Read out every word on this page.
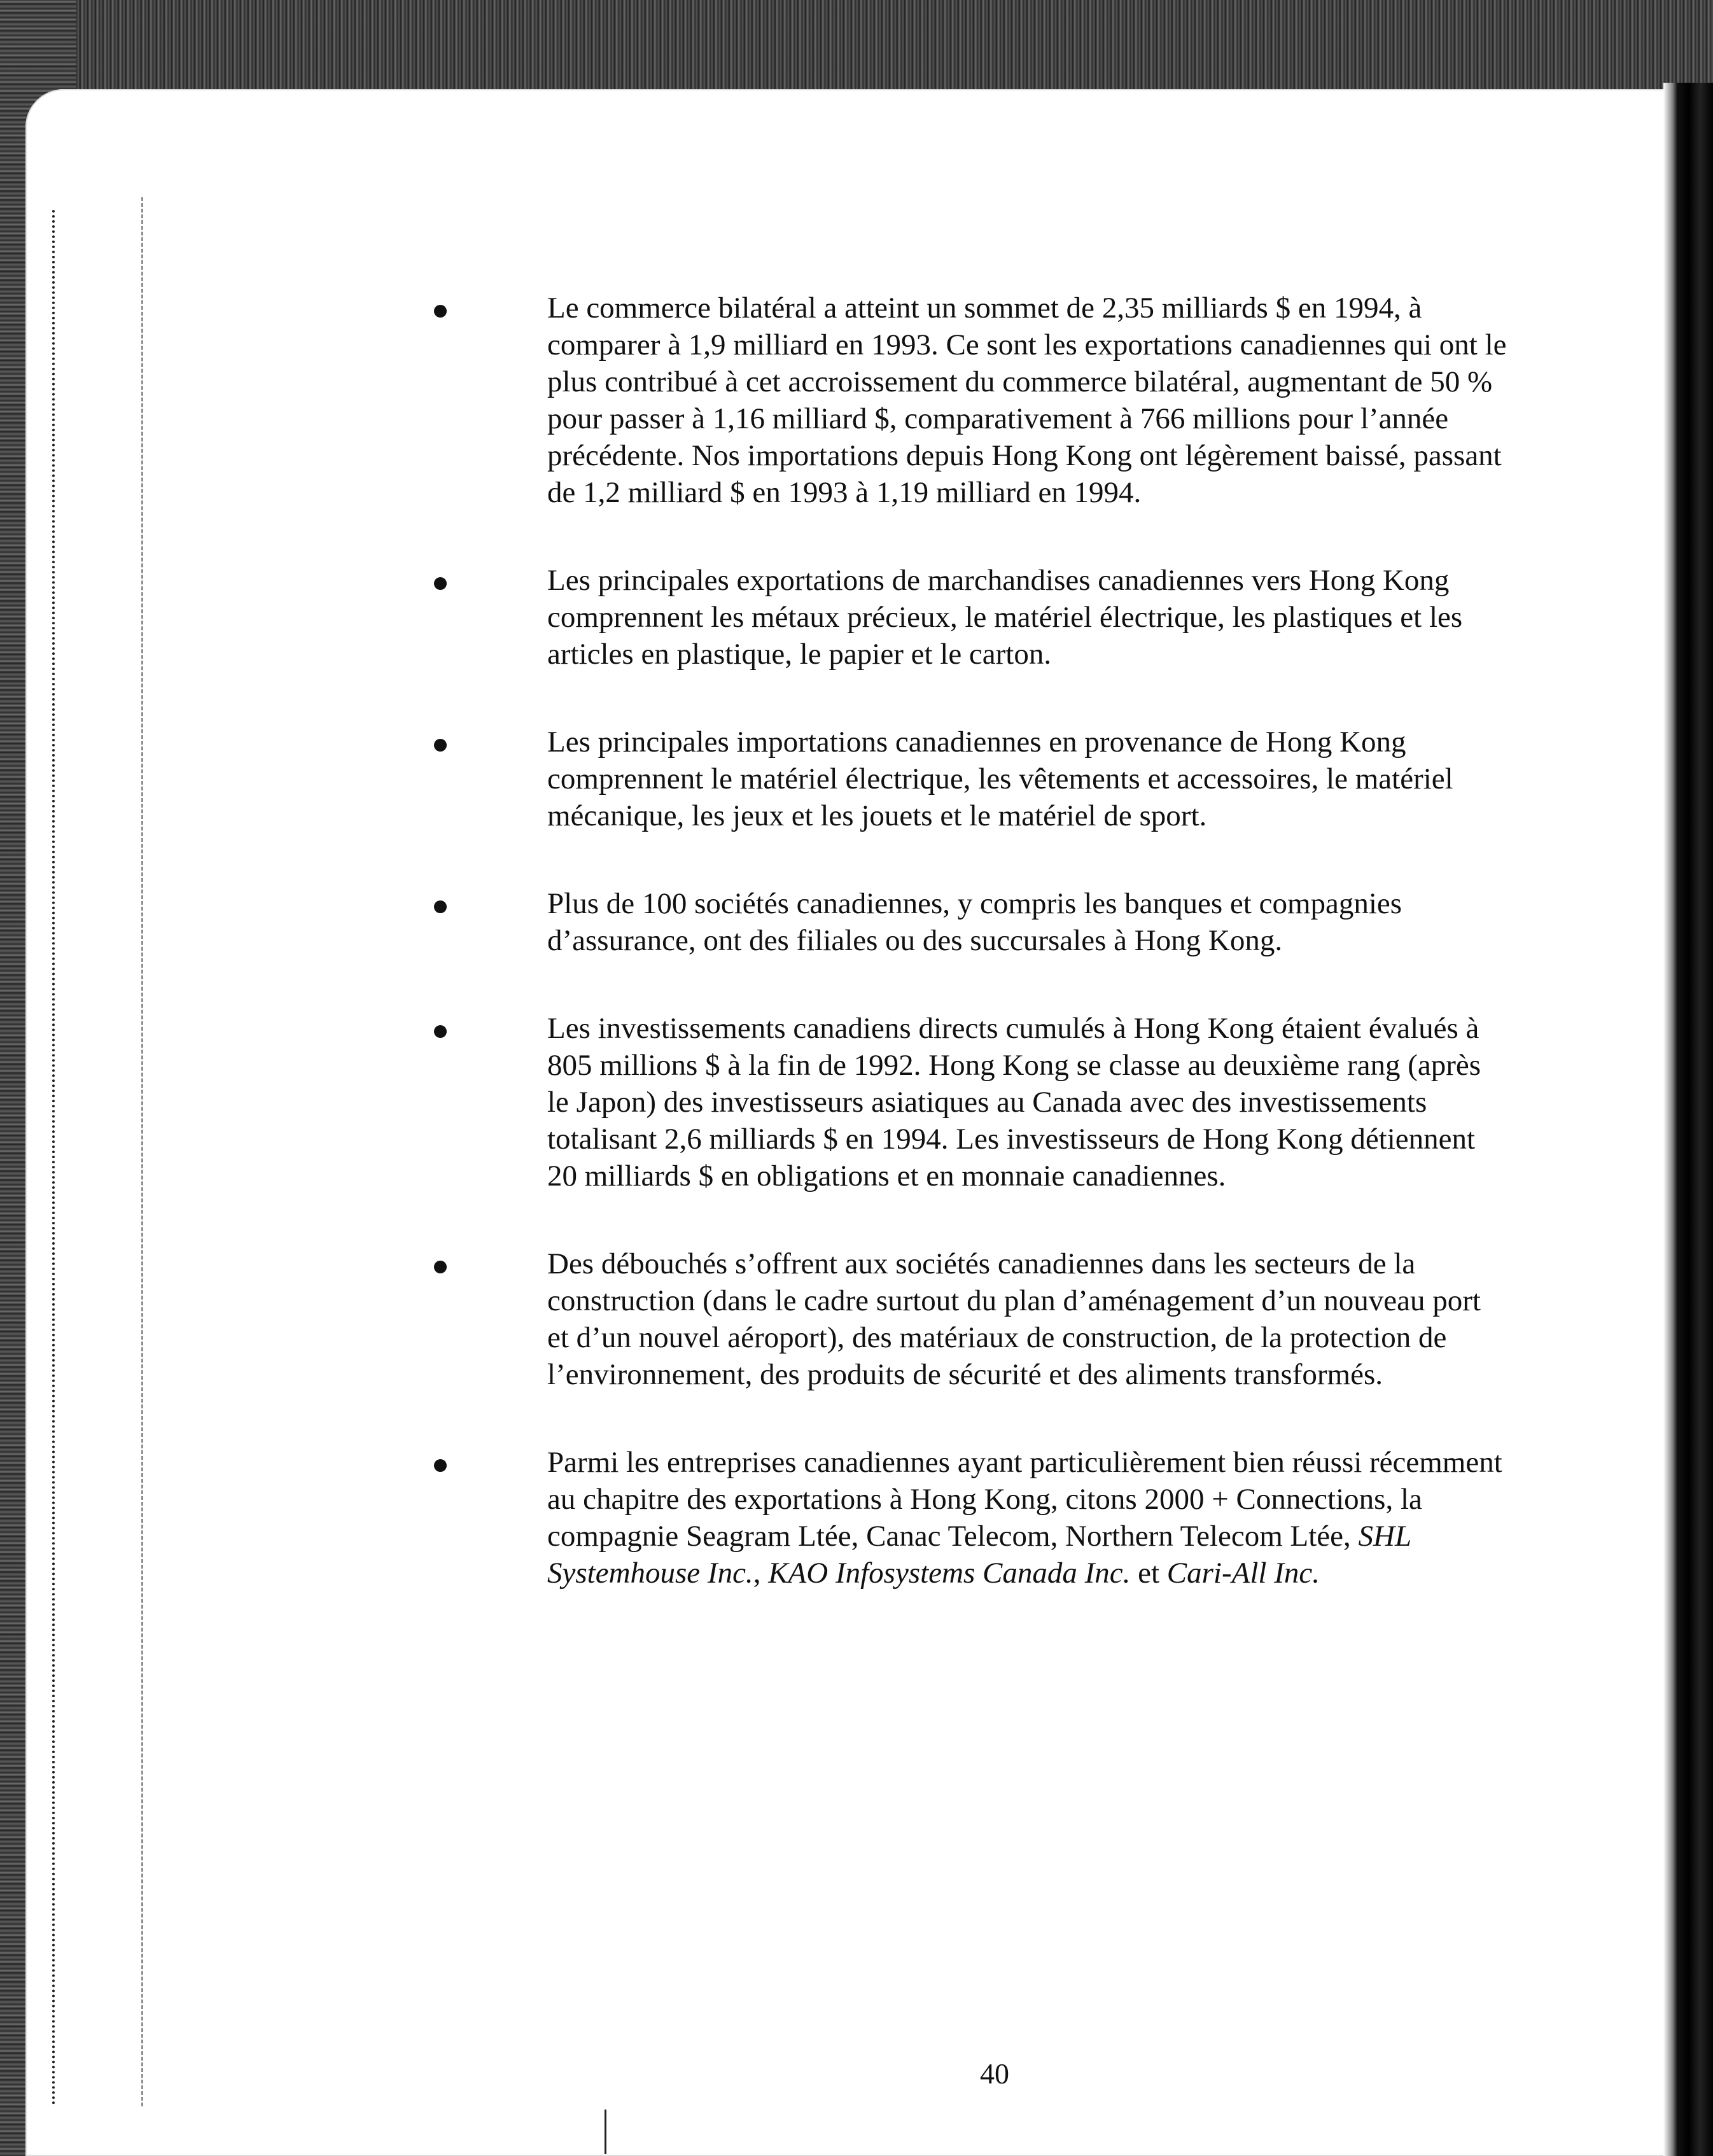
Le commerce bilatéral a atteint un sommet de 2,35 milliards $ en 1994, à comparer à 1,9 milliard en 1993. Ce sont les exportations canadiennes qui ont le plus contribué à cet accroissement du commerce bilatéral, augmentant de 50 % pour passer à 1,16 milliard $, comparativement à 766 millions pour l’année précédente. Nos importations depuis Hong Kong ont légèrement baissé, passant de 1,2 milliard $ en 1993 à 1,19 milliard en 1994.
Les principales exportations de marchandises canadiennes vers Hong Kong comprennent les métaux précieux, le matériel électrique, les plastiques et les articles en plastique, le papier et le carton.
Les principales importations canadiennes en provenance de Hong Kong comprennent le matériel électrique, les vêtements et accessoires, le matériel mécanique, les jeux et les jouets et le matériel de sport.
Plus de 100 sociétés canadiennes, y compris les banques et compagnies d’assurance, ont des filiales ou des succursales à Hong Kong.
Les investissements canadiens directs cumulés à Hong Kong étaient évalués à 805 millions $ à la fin de 1992. Hong Kong se classe au deuxième rang (après le Japon) des investisseurs asiatiques au Canada avec des investissements totalisant 2,6 milliards $ en 1994. Les investisseurs de Hong Kong détiennent 20 milliards $ en obligations et en monnaie canadiennes.
Des débouchés s’offrent aux sociétés canadiennes dans les secteurs de la construction (dans le cadre surtout du plan d’aménagement d’un nouveau port et d’un nouvel aéroport), des matériaux de construction, de la protection de l’environnement, des produits de sécurité et des aliments transformés.
Parmi les entreprises canadiennes ayant particulièrement bien réussi récemment au chapitre des exportations à Hong Kong, citons 2000 + Connections, la compagnie Seagram Ltée, Canac Telecom, Northern Telecom Ltée, SHL Systemhouse Inc., KAO Infosystems Canada Inc. et Cari-All Inc.
40
